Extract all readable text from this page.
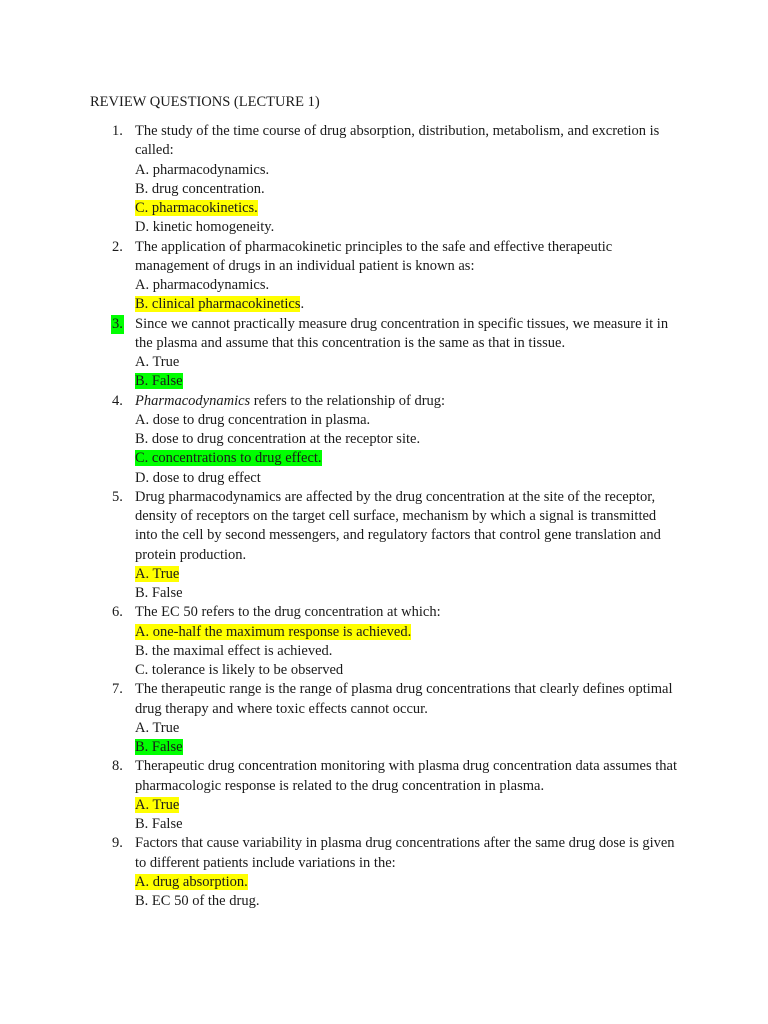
REVIEW QUESTIONS (LECTURE 1)
1. The study of the time course of drug absorption, distribution, metabolism, and excretion is called:
A. pharmacodynamics.
B. drug concentration.
C. pharmacokinetics.
D. kinetic homogeneity.
2. The application of pharmacokinetic principles to the safe and effective therapeutic management of drugs in an individual patient is known as:
A. pharmacodynamics.
B. clinical pharmacokinetics.
3. Since we cannot practically measure drug concentration in specific tissues, we measure it in the plasma and assume that this concentration is the same as that in tissue.
A. True
B. False
4. Pharmacodynamics refers to the relationship of drug:
A. dose to drug concentration in plasma.
B. dose to drug concentration at the receptor site.
C. concentrations to drug effect.
D. dose to drug effect
5. Drug pharmacodynamics are affected by the drug concentration at the site of the receptor, density of receptors on the target cell surface, mechanism by which a signal is transmitted into the cell by second messengers, and regulatory factors that control gene translation and protein production.
A. True
B. False
6. The EC 50 refers to the drug concentration at which:
A. one-half the maximum response is achieved.
B. the maximal effect is achieved.
C. tolerance is likely to be observed
7. The therapeutic range is the range of plasma drug concentrations that clearly defines optimal drug therapy and where toxic effects cannot occur.
A. True
B. False
8. Therapeutic drug concentration monitoring with plasma drug concentration data assumes that pharmacologic response is related to the drug concentration in plasma.
A. True
B. False
9. Factors that cause variability in plasma drug concentrations after the same drug dose is given to different patients include variations in the:
A. drug absorption.
B. EC 50 of the drug.
